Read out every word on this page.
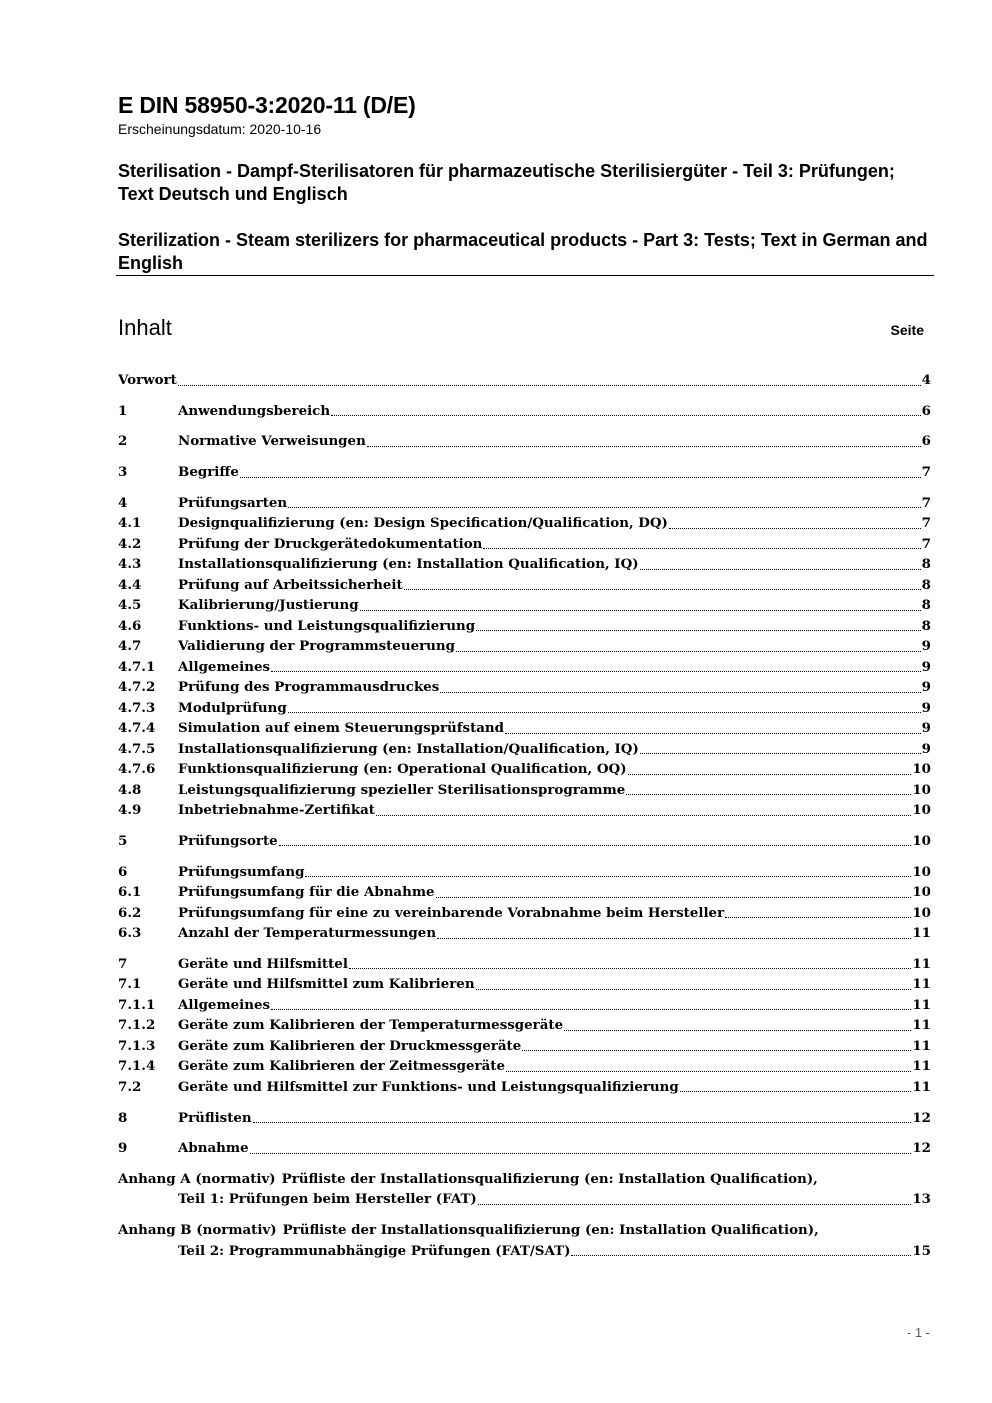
E DIN 58950-3:2020-11 (D/E)
Erscheinungsdatum: 2020-10-16
Sterilisation - Dampf-Sterilisatoren für pharmazeutische Sterilisiergüter - Teil 3: Prüfungen; Text Deutsch und Englisch
Sterilization - Steam sterilizers for pharmaceutical products - Part 3: Tests; Text in German and English
Inhalt	Seite
Vorwort	4
1	Anwendungsbereich	6
2	Normative Verweisungen	6
3	Begriffe	7
4	Prüfungsarten	7
4.1	Designqualifizierung (en: Design Specification/Qualification, DQ)	7
4.2	Prüfung der Druckgerätedokumentation	7
4.3	Installationsqualifizierung (en: Installation Qualification, IQ)	8
4.4	Prüfung auf Arbeitssicherheit	8
4.5	Kalibrierung/Justierung	8
4.6	Funktions- und Leistungsqualifizierung	8
4.7	Validierung der Programmsteuerung	9
4.7.1	Allgemeines	9
4.7.2	Prüfung des Programmausdruckes	9
4.7.3	Modulprüfung	9
4.7.4	Simulation auf einem Steuerungsprüfstand	9
4.7.5	Installationsqualifizierung (en: Installation/Qualification, IQ)	9
4.7.6	Funktionsqualifizierung (en: Operational Qualification, OQ)	10
4.8	Leistungsqualifizierung spezieller Sterilisationsprogramme	10
4.9	Inbetriebnahme-Zertifikat	10
5	Prüfungsorte	10
6	Prüfungsumfang	10
6.1	Prüfungsumfang für die Abnahme	10
6.2	Prüfungsumfang für eine zu vereinbarende Vorabnahme beim Hersteller	10
6.3	Anzahl der Temperaturmessungen	11
7	Geräte und Hilfsmittel	11
7.1	Geräte und Hilfsmittel zum Kalibrieren	11
7.1.1	Allgemeines	11
7.1.2	Geräte zum Kalibrieren der Temperaturmessgeräte	11
7.1.3	Geräte zum Kalibrieren der Druckmessgeräte	11
7.1.4	Geräte zum Kalibrieren der Zeitmessgeräte	11
7.2	Geräte und Hilfsmittel zur Funktions- und Leistungsqualifizierung	11
8	Prüflisten	12
9	Abnahme	12
Anhang A (normativ) Prüfliste der Installationsqualifizierung (en: Installation Qualification),
Teil 1: Prüfungen beim Hersteller (FAT)	13
Anhang B (normativ) Prüfliste der Installationsqualifizierung (en: Installation Qualification),
Teil 2: Programmunabhängige Prüfungen (FAT/SAT)	15
- 1 -
